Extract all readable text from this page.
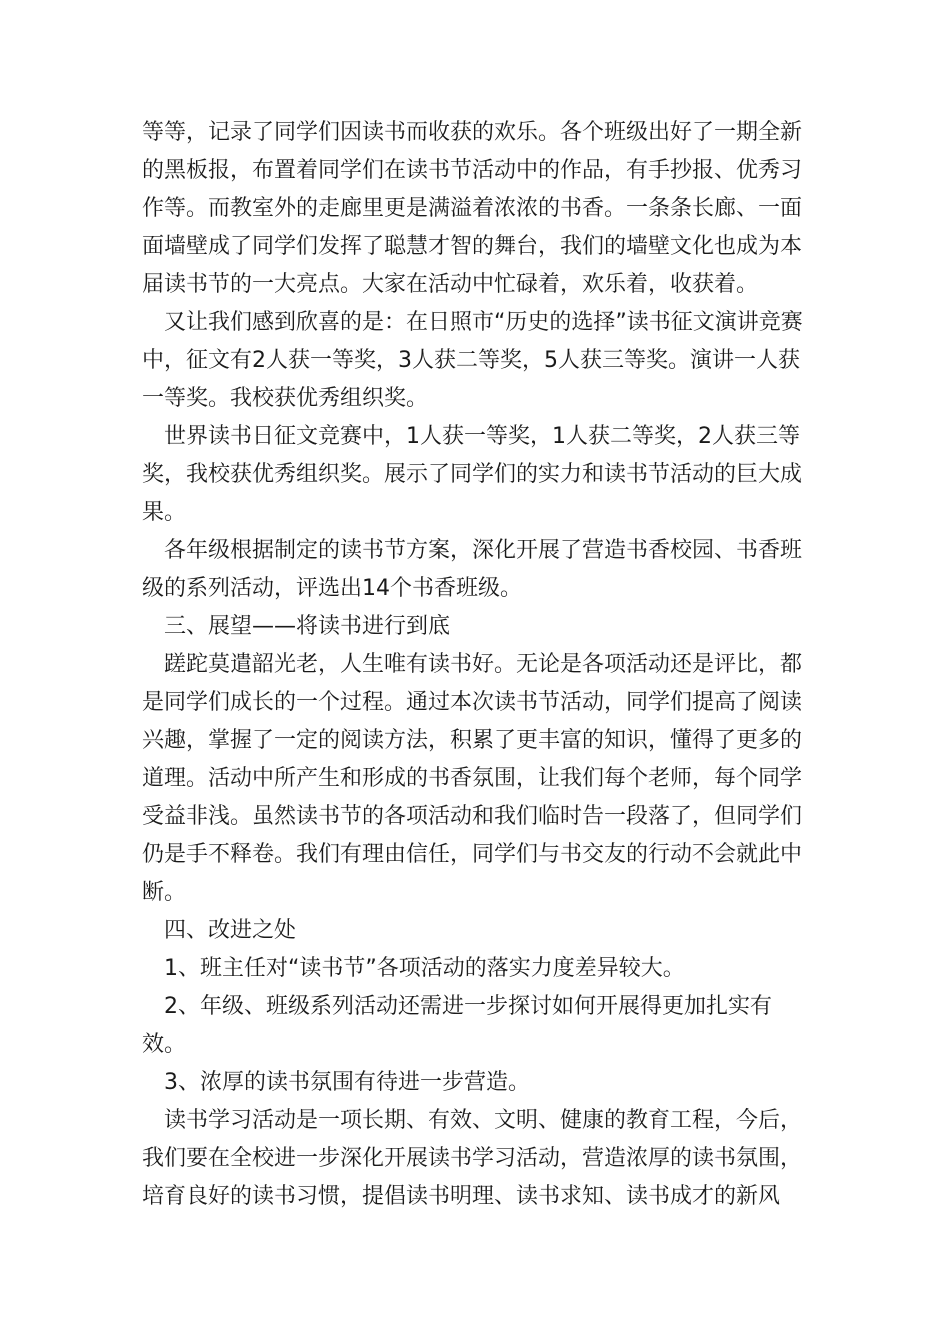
等等，记录了同学们因读书而收获的欢乐。各个班级出好了一期全新的黑板报，布置着同学们在读书节活动中的作品，有手抄报、优秀习作等。而教室外的走廊里更是满溢着浓浓的书香。一条条长廊、一面面墙壁成了同学们发挥了聪慧才智的舞台，我们的墙壁文化也成为本届读书节的一大亮点。大家在活动中忙碌着，欢乐着，收获着。

又让我们感到欣喜的是：在日照市“历史的选择”读书征文演讲竞赛中，征文有2人获一等奖，3人获二等奖，5人获三等奖。演讲一人获一等奖。我校获优秀组织奖。

世界读书日征文竞赛中，1人获一等奖，1人获二等奖，2人获三等奖，我校获优秀组织奖。展示了同学们的实力和读书节活动的巨大成果。

各年级根据制定的读书节方案，深化开展了营造书香校园、书香班级的系列活动，评选出14个书香班级。

三、展望——将读书进行到底

蹉跎莫遣韶光老，人生唯有读书好。无论是各项活动还是评比，都是同学们成长的一个过程。通过本次读书节活动，同学们提高了阅读兴趣，掌握了一定的阅读方法，积累了更丰富的知识，懂得了更多的道理。活动中所产生和形成的书香氛围，让我们每个老师，每个同学受益非浅。虽然读书节的各项活动和我们临时告一段落了，但同学们仍是手不释卷。我们有理由信任，同学们与书交友的行动不会就此中断。

四、改进之处

1、班主任对“读书节”各项活动的落实力度差异较大。

2、年级、班级系列活动还需进一步探讨如何开展得更加扎实有效。

3、浓厚的读书氛围有待进一步营造。

读书学习活动是一项长期、有效、文明、健康的教育工程，今后，我们要在全校进一步深化开展读书学习活动，营造浓厚的读书氛围，培育良好的读书习惯，提倡读书明理、读书求知、读书成才的新风
